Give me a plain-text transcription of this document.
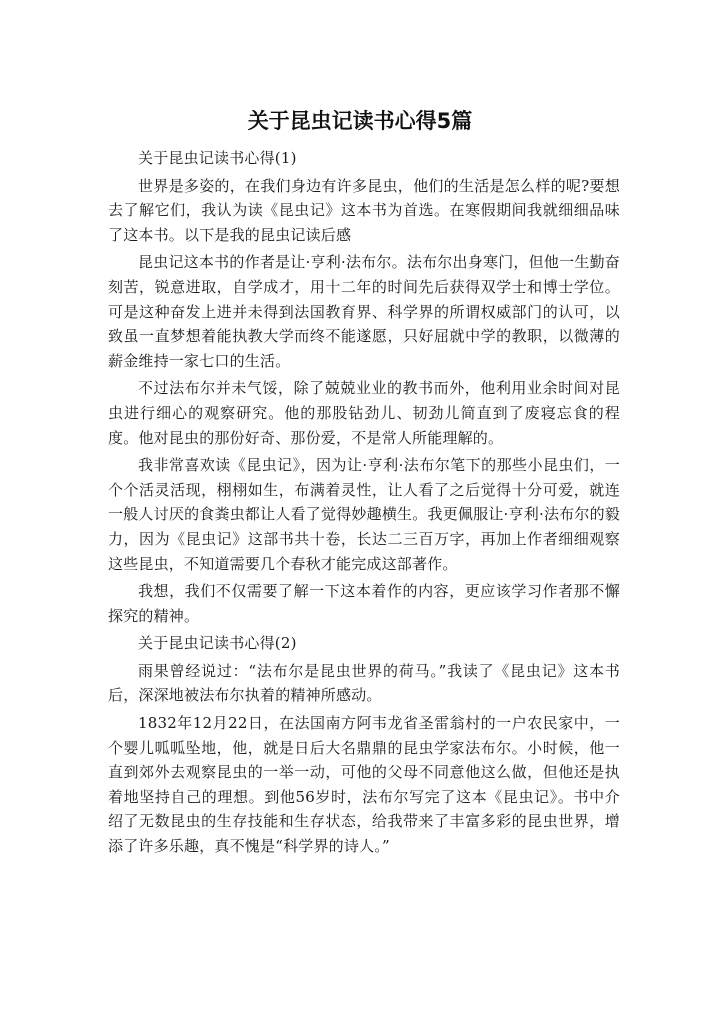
关于昆虫记读书心得5篇

关于昆虫记读书心得(1)

世界是多姿的，在我们身边有许多昆虫，他们的生活是怎么样的呢?要想去了解它们，我认为读《昆虫记》这本书为首选。在寒假期间我就细细品味了这本书。以下是我的昆虫记读后感

昆虫记这本书的作者是让·亨利·法布尔。法布尔出身寒门，但他一生勤奋刻苦，锐意进取，自学成才，用十二年的时间先后获得双学士和博士学位。可是这种奋发上进并未得到法国教育界、科学界的所谓权威部门的认可，以致虽一直梦想着能执教大学而终不能遂愿，只好屈就中学的教职，以微薄的薪金维持一家七口的生活。

不过法布尔并未气馁，除了兢兢业业的教书而外，他利用业余时间对昆虫进行细心的观察研究。他的那股钻劲儿、韧劲儿简直到了废寝忘食的程度。他对昆虫的那份好奇、那份爱，不是常人所能理解的。

我非常喜欢读《昆虫记》，因为让·亨利·法布尔笔下的那些小昆虫们，一个个活灵活现，栩栩如生，布满着灵性，让人看了之后觉得十分可爱，就连一般人讨厌的食粪虫都让人看了觉得妙趣横生。我更佩服让·亨利·法布尔的毅力，因为《昆虫记》这部书共十卷，长达二三百万字，再加上作者细细观察这些昆虫，不知道需要几个春秋才能完成这部著作。

我想，我们不仅需要了解一下这本着作的内容，更应该学习作者那不懈探究的精神。

关于昆虫记读书心得(2)

雨果曾经说过：“法布尔是昆虫世界的荷马。”我读了《昆虫记》这本书后，深深地被法布尔执着的精神所感动。

1832年12月22日，在法国南方阿韦龙省圣雷翁村的一户农民家中，一个婴儿呱呱坠地，他，就是日后大名鼎鼎的昆虫学家法布尔。小时候，他一直到郊外去观察昆虫的一举一动，可他的父母不同意他这么做，但他还是执着地坚持自己的理想。到他56岁时，法布尔写完了这本《昆虫记》。书中介绍了无数昆虫的生存技能和生存状态，给我带来了丰富多彩的昆虫世界，增添了许多乐趣，真不愧是“科学界的诗人。”
